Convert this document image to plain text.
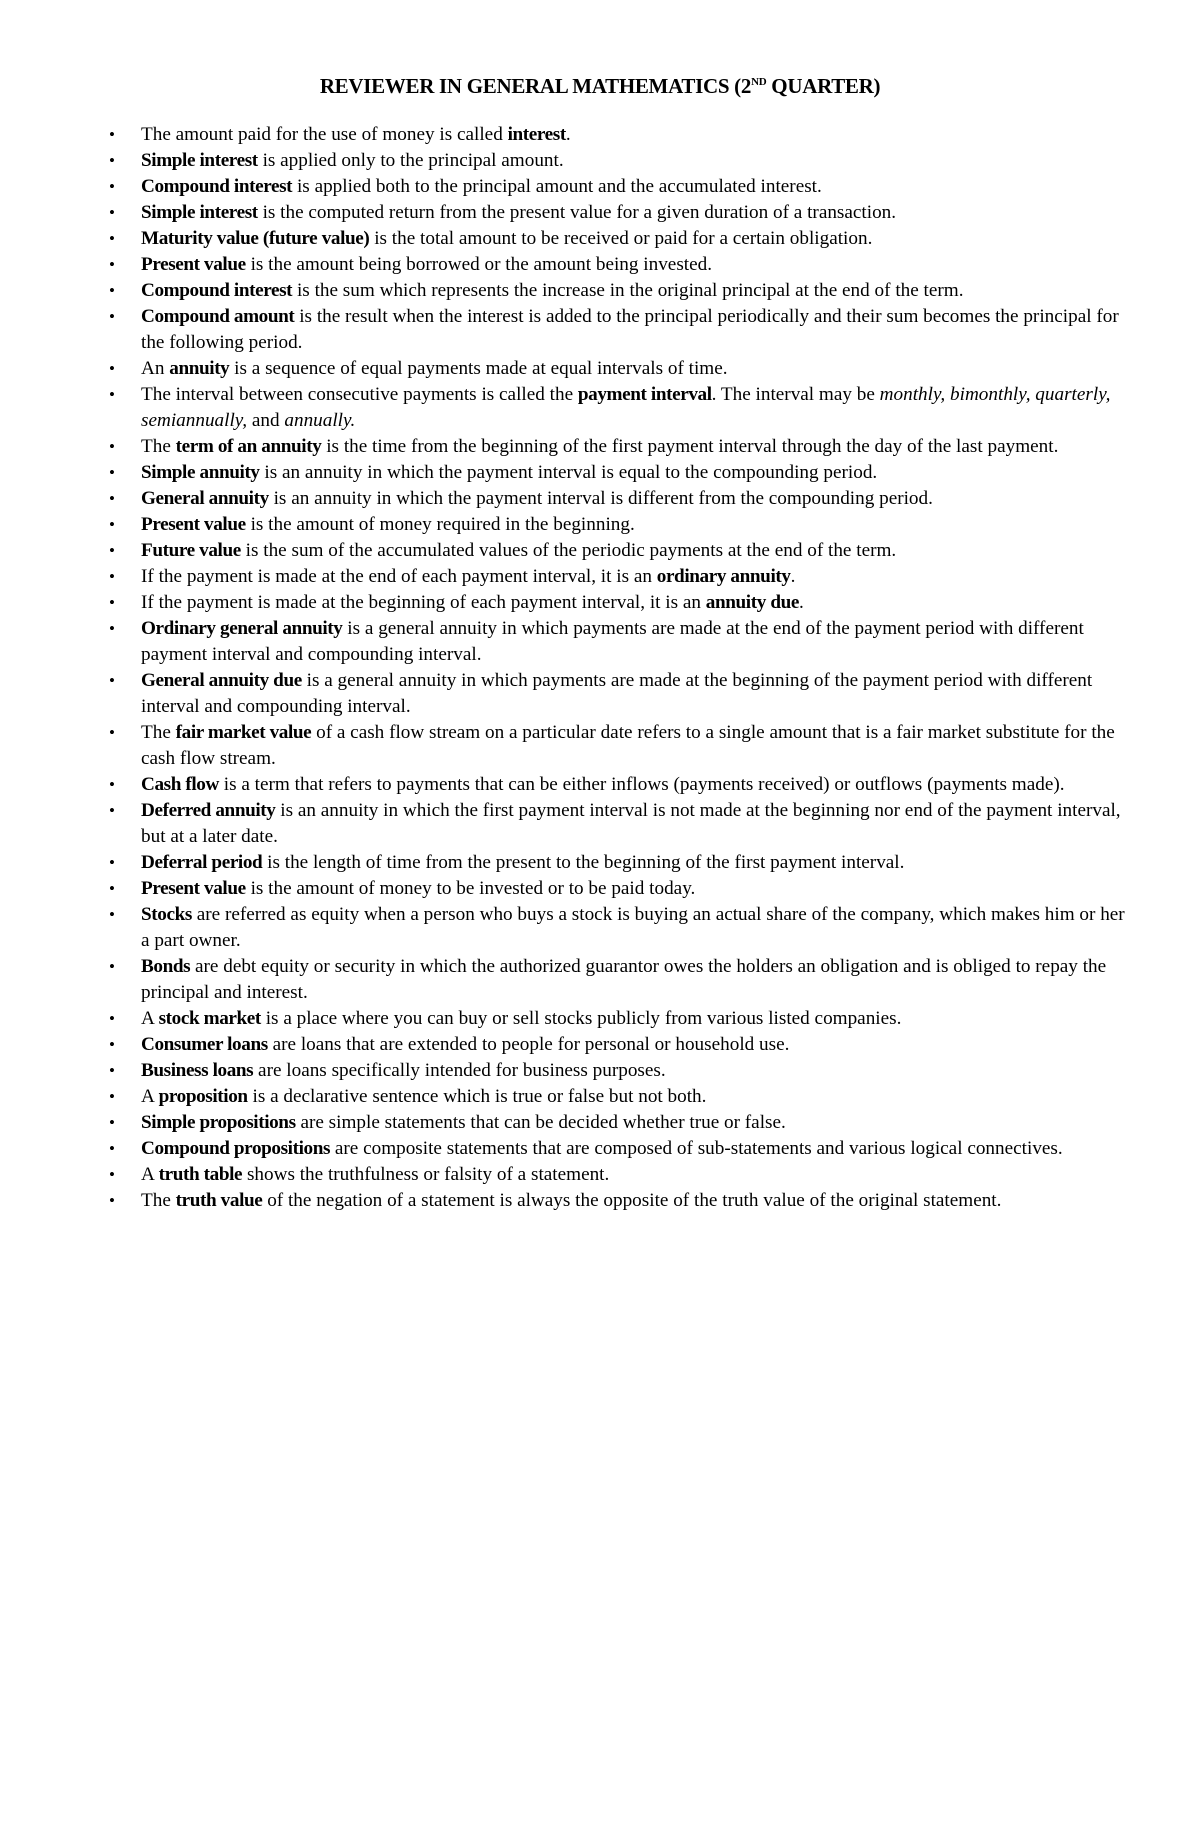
REVIEWER IN GENERAL MATHEMATICS (2ND QUARTER)
• The amount paid for the use of money is called interest.
• Simple interest is applied only to the principal amount.
• Compound interest is applied both to the principal amount and the accumulated interest.
• Simple interest is the computed return from the present value for a given duration of a transaction.
• Maturity value (future value) is the total amount to be received or paid for a certain obligation.
• Present value is the amount being borrowed or the amount being invested.
• Compound interest is the sum which represents the increase in the original principal at the end of the term.
• Compound amount is the result when the interest is added to the principal periodically and their sum becomes the principal for the following period.
• An annuity is a sequence of equal payments made at equal intervals of time.
• The interval between consecutive payments is called the payment interval. The interval may be monthly, bimonthly, quarterly, semiannually, and annually.
• The term of an annuity is the time from the beginning of the first payment interval through the day of the last payment.
• Simple annuity is an annuity in which the payment interval is equal to the compounding period.
• General annuity is an annuity in which the payment interval is different from the compounding period.
• Present value is the amount of money required in the beginning.
• Future value is the sum of the accumulated values of the periodic payments at the end of the term.
• If the payment is made at the end of each payment interval, it is an ordinary annuity.
• If the payment is made at the beginning of each payment interval, it is an annuity due.
• Ordinary general annuity is a general annuity in which payments are made at the end of the payment period with different payment interval and compounding interval.
• General annuity due is a general annuity in which payments are made at the beginning of the payment period with different interval and compounding interval.
• The fair market value of a cash flow stream on a particular date refers to a single amount that is a fair market substitute for the cash flow stream.
• Cash flow is a term that refers to payments that can be either inflows (payments received) or outflows (payments made).
• Deferred annuity is an annuity in which the first payment interval is not made at the beginning nor end of the payment interval, but at a later date.
• Deferral period is the length of time from the present to the beginning of the first payment interval.
• Present value is the amount of money to be invested or to be paid today.
• Stocks are referred as equity when a person who buys a stock is buying an actual share of the company, which makes him or her a part owner.
• Bonds are debt equity or security in which the authorized guarantor owes the holders an obligation and is obliged to repay the principal and interest.
• A stock market is a place where you can buy or sell stocks publicly from various listed companies.
• Consumer loans are loans that are extended to people for personal or household use.
• Business loans are loans specifically intended for business purposes.
• A proposition is a declarative sentence which is true or false but not both.
• Simple propositions are simple statements that can be decided whether true or false.
• Compound propositions are composite statements that are composed of sub-statements and various logical connectives.
• A truth table shows the truthfulness or falsity of a statement.
• The truth value of the negation of a statement is always the opposite of the truth value of the original statement.
